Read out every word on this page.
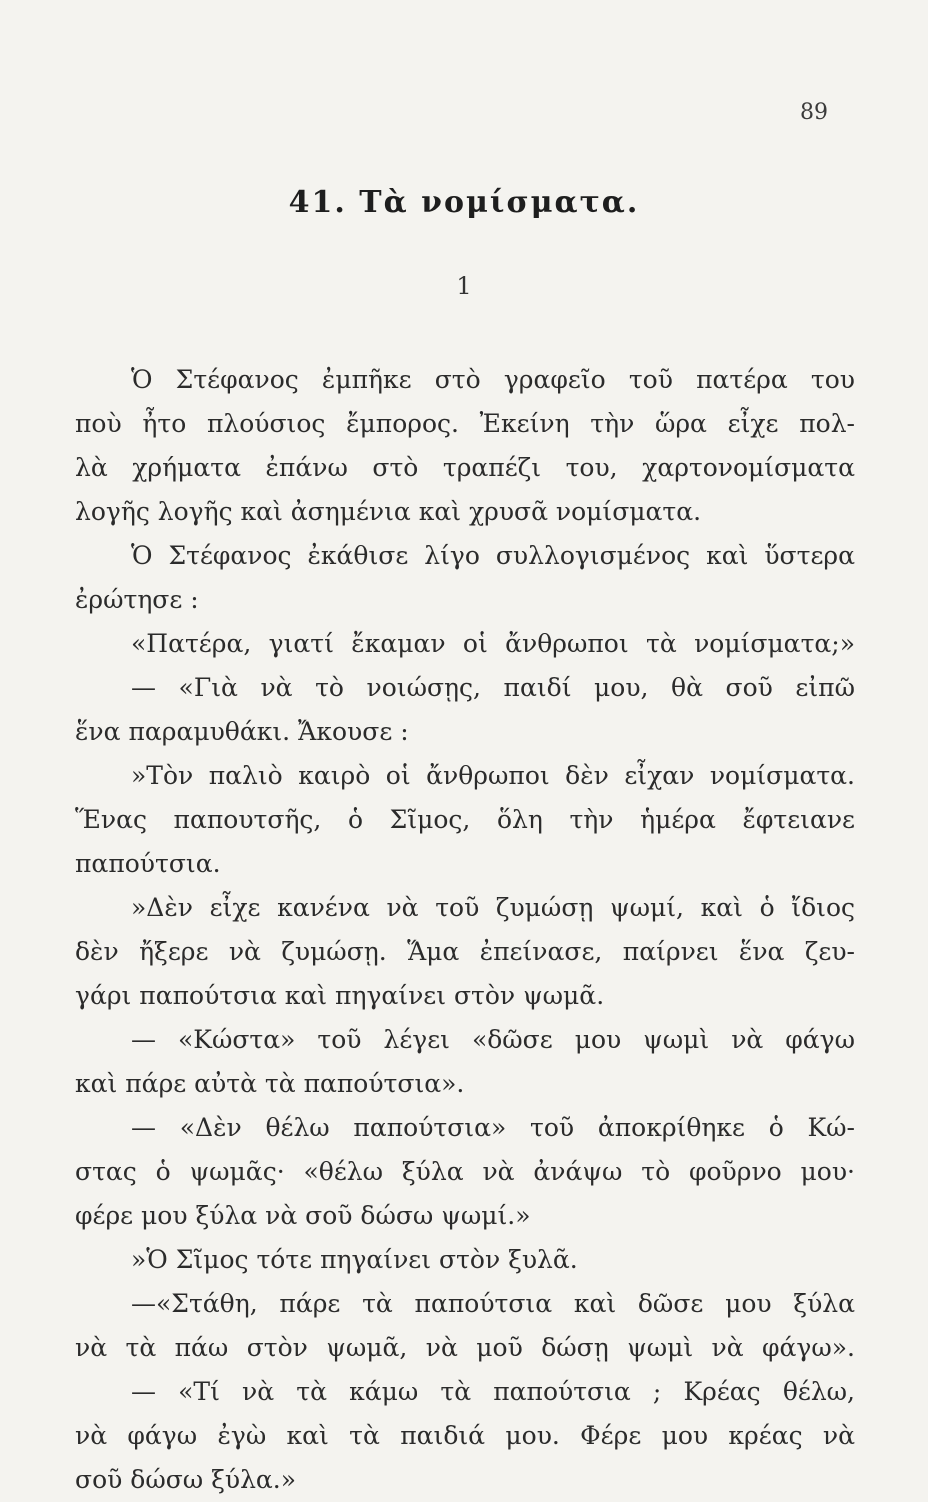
89
41. Τὰ νομίσματα.
1
Ὁ Στέφανος ἐμπῆκε στὸ γραφεῖο τοῦ πατέρα του
ποὺ ἦτο πλούσιος ἔμπορος. Ἐκείνη τὴν ὥρα εἶχε πολ-
λὰ χρήματα ἐπάνω στὸ τραπέζι του, χαρτονομίσματα
λογῆς λογῆς καὶ ἀσημένια καὶ χρυσᾶ νομίσματα.
Ὁ Στέφανος ἐκάθισε λίγο συλλογισμένος καὶ ὕστερα
ἐρώτησε :
«Πατέρα, γιατί ἔκαμαν οἱ ἄνθρωποι τὰ νομίσματα;»
— «Γιὰ νὰ τὸ νοιώσῃς, παιδί μου, θὰ σοῦ εἰπῶ
ἕνα παραμυθάκι. Ἄκουσε :
»Τὸν παλιὸ καιρὸ οἱ ἄνθρωποι δὲν εἶχαν νομίσματα.
Ἕνας παπουτσῆς, ὁ Σῖμος, ὅλη τὴν ἡμέρα ἔφτειανε
παπούτσια.
»Δὲν εἶχε κανένα νὰ τοῦ ζυμώσῃ ψωμί, καὶ ὁ ἴδιος
δὲν ἤξερε νὰ ζυμώσῃ. Ἅμα ἐπείνασε, παίρνει ἕνα ζευ-
γάρι παπούτσια καὶ πηγαίνει στὸν ψωμᾶ.
— «Κώστα» τοῦ λέγει «δῶσε μου ψωμὶ νὰ φάγω
καὶ πάρε αὐτὰ τὰ παπούτσια».
— «Δὲν θέλω παπούτσια» τοῦ ἀποκρίθηκε ὁ Κώ-
στας ὁ ψωμᾶς· «θέλω ξύλα νὰ ἀνάψω τὸ φοῦρνο μου·
φέρε μου ξύλα νὰ σοῦ δώσω ψωμί.»
»Ὁ Σῖμος τότε πηγαίνει στὸν ξυλᾶ.
—«Στάθη, πάρε τὰ παπούτσια καὶ δῶσε μου ξύλα
νὰ τὰ πάω στὸν ψωμᾶ, νὰ μοῦ δώσῃ ψωμὶ νὰ φάγω».
— «Τί νὰ τὰ κάμω τὰ παπούτσια ; Κρέας θέλω,
νὰ φάγω ἐγὼ καὶ τὰ παιδιά μου. Φέρε μου κρέας νὰ
σοῦ δώσω ξύλα.»
